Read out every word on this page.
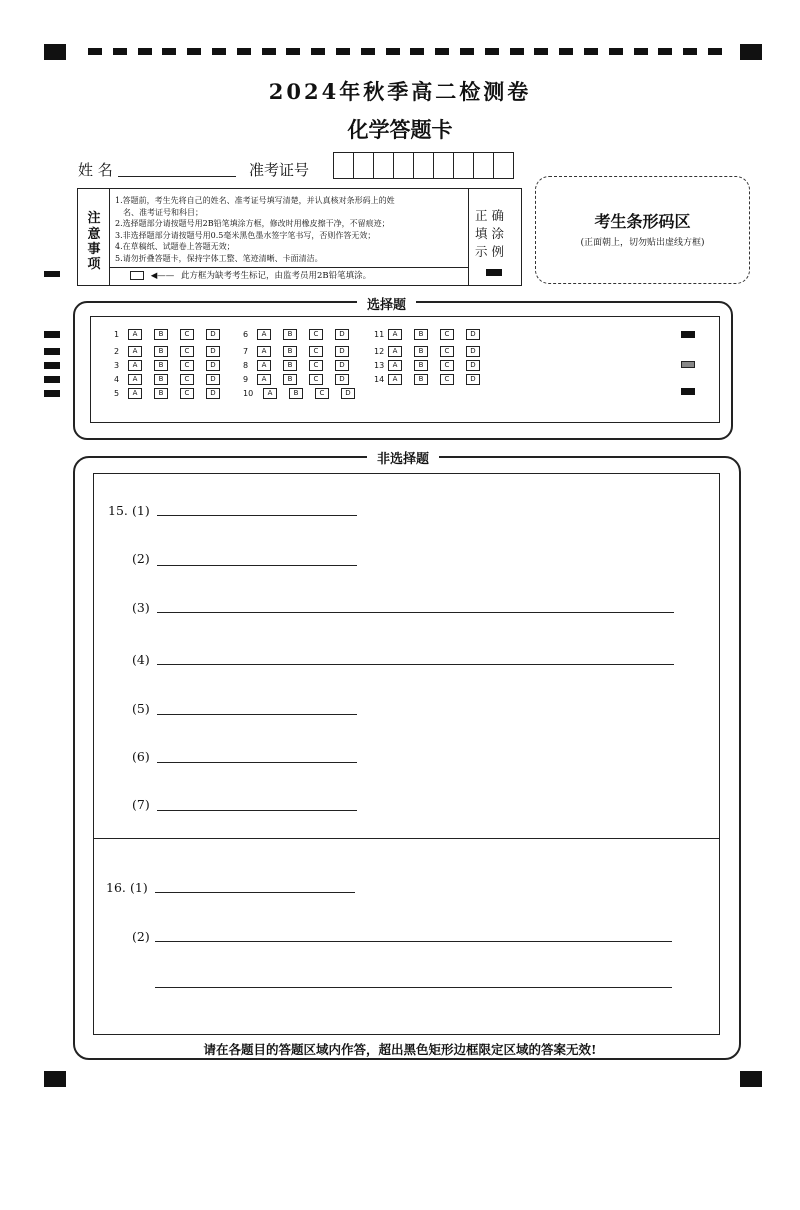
2024年秋季高二检测卷
化学答题卡
姓 名	准考证号
注
意
事
项
1.答题前，考生先将自己的姓名、准考证号填写清楚，并认真核对条形码上的姓
名、准考证号和科目；
2.选择题部分请按题号用2B铅笔填涂方框，修改时用橡皮擦干净，不留痕迹；
3.非选择题部分请按题号用0.5毫米黑色墨水签字笔书写，否则作答无效；
4.在草稿纸、试题卷上答题无效；
5.请勿折叠答题卡，保持字体工整、笔迹清晰、卡面清洁。
◀—— 此方框为缺考考生标记，由监考员用2B铅笔填涂。
正 确 填 涂 示 例
考生条形码区
(正面朝上，切勿贴出虚线方框)
选择题
1	A	B	C	D
2	A	B	C	D
3	A	B	C	D
4	A	B	C	D
5	A	B	C	D
6	A	B	C	D
7	A	B	C	D
8	A	B	C	D
9	A	B	C	D
10	A	B	C	D
11	A	B	C	D
12	A	B	C	D
13	A	B	C	D
14	A	B	C	D
非选择题
15. (1)
(2)
(3)
(4)
(5)
(6)
(7)
16. (1)
(2)
请在各题目的答题区域内作答，超出黑色矩形边框限定区域的答案无效!
